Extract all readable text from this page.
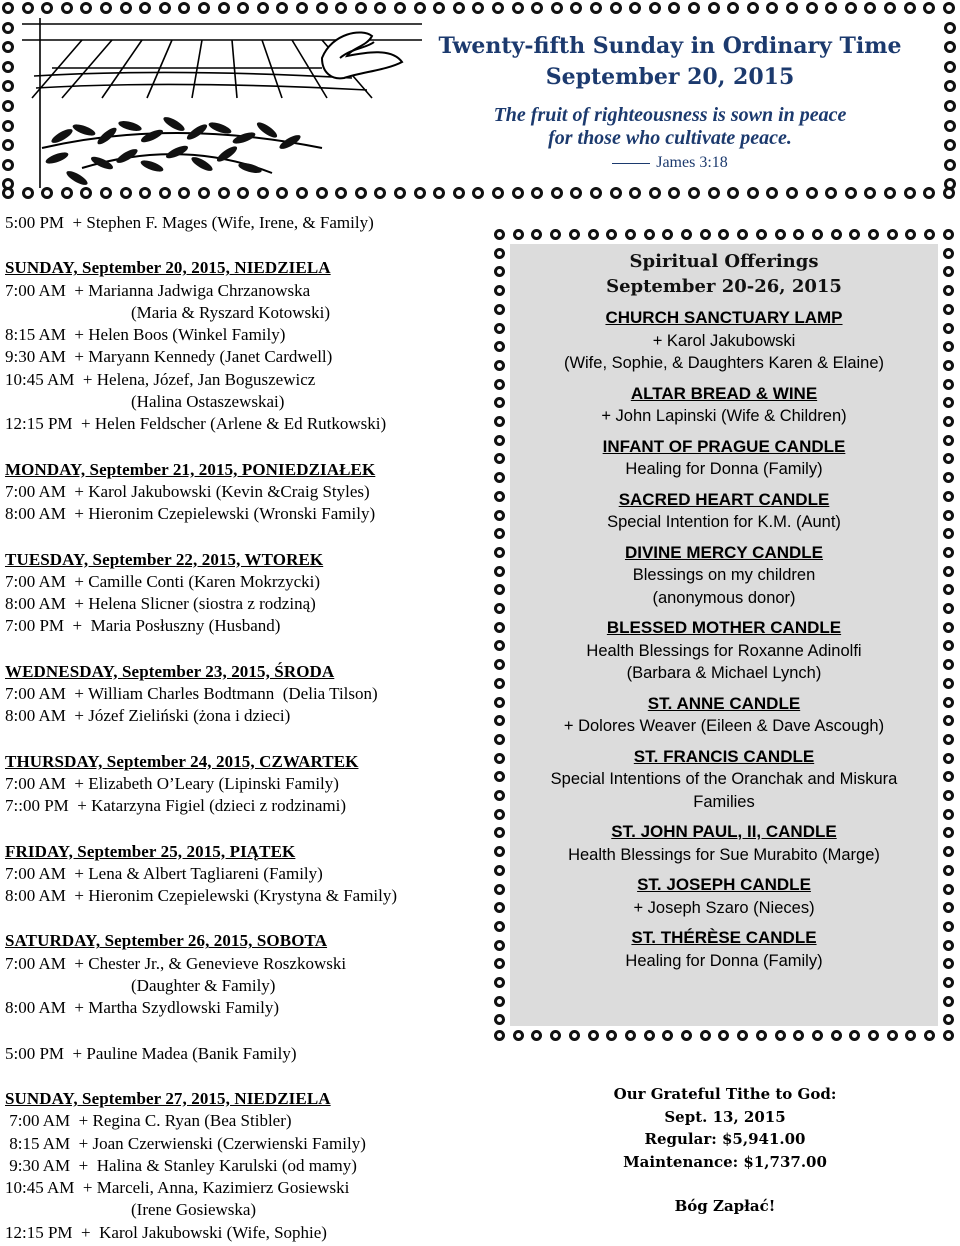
Twenty-fifth Sunday in Ordinary Time
September 20, 2015
The fruit of righteousness is sown in peace
for those who cultivate peace.
James 3:18
5:00 PM  + Stephen F. Mages (Wife, Irene, & Family)
SUNDAY, September 20, 2015, NIEDZIELA
7:00 AM  + Marianna Jadwiga Chrzanowska
(Maria & Ryszard Kotowski)
8:15 AM  + Helen Boos (Winkel Family)
9:30 AM  + Maryann Kennedy (Janet Cardwell)
10:45 AM  + Helena, Józef, Jan Boguszewicz
(Halina Ostaszewskai)
12:15 PM  + Helen Feldscher (Arlene & Ed Rutkowski)
MONDAY, September 21, 2015, PONIEDZIAŁEK
7:00 AM  + Karol Jakubowski (Kevin &Craig Styles)
8:00 AM  + Hieronim Czepielewski (Wronski Family)
TUESDAY, September 22, 2015, WTOREK
7:00 AM  + Camille Conti (Karen Mokrzycki)
8:00 AM  + Helena Slicner (siostra z rodziną)
7:00 PM  +  Maria Posłuszny (Husband)
WEDNESDAY, September 23, 2015, ŚRODA
7:00 AM  + William Charles Bodtmann  (Delia Tilson)
8:00 AM  + Józef Zieliński (żona i dzieci)
THURSDAY, September 24, 2015, CZWARTEK
7:00 AM  + Elizabeth O’Leary (Lipinski Family)
7::00 PM  + Katarzyna Figiel (dzieci z rodzinami)
FRIDAY, September 25, 2015, PIĄTEK
7:00 AM  + Lena & Albert Tagliareni (Family)
8:00 AM  + Hieronim Czepielewski (Krystyna & Family)
SATURDAY, September 26, 2015, SOBOTA
7:00 AM  + Chester Jr., & Genevieve Roszkowski
(Daughter & Family)
8:00 AM  + Martha Szydlowski Family)
5:00 PM  + Pauline Madea (Banik Family)
SUNDAY, September 27, 2015, NIEDZIELA
7:00 AM  + Regina C. Ryan (Bea Stibler)
8:15 AM  + Joan Czerwienski (Czerwienski Family)
9:30 AM  +  Halina & Stanley Karulski (od mamy)
10:45 AM  + Marceli, Anna, Kazimierz Gosiewski
(Irene Gosiewska)
12:15 PM  +  Karol Jakubowski (Wife, Sophie)
Spiritual Offerings
September 20-26, 2015
CHURCH SANCTUARY LAMP
+ Karol Jakubowski
(Wife, Sophie, & Daughters Karen & Elaine)
ALTAR BREAD & WINE
+ John Lapinski (Wife & Children)
INFANT OF PRAGUE CANDLE
Healing for Donna (Family)
SACRED HEART CANDLE
Special Intention for K.M. (Aunt)
DIVINE MERCY CANDLE
Blessings on my children
(anonymous donor)
BLESSED MOTHER CANDLE
Health Blessings for Roxanne Adinolfi
(Barbara & Michael Lynch)
ST. ANNE CANDLE
+ Dolores Weaver (Eileen & Dave Ascough)
ST. FRANCIS CANDLE
Special Intentions of the Oranchak and Miskura
Families
ST. JOHN PAUL, II, CANDLE
Health Blessings for Sue Murabito (Marge)
ST. JOSEPH CANDLE
+ Joseph Szaro (Nieces)
ST. THÉRÈSE CANDLE
Healing for Donna (Family)
Our Grateful Tithe to God:
Sept. 13, 2015
Regular: $5,941.00
Maintenance: $1,737.00
Bóg Zapłać!
